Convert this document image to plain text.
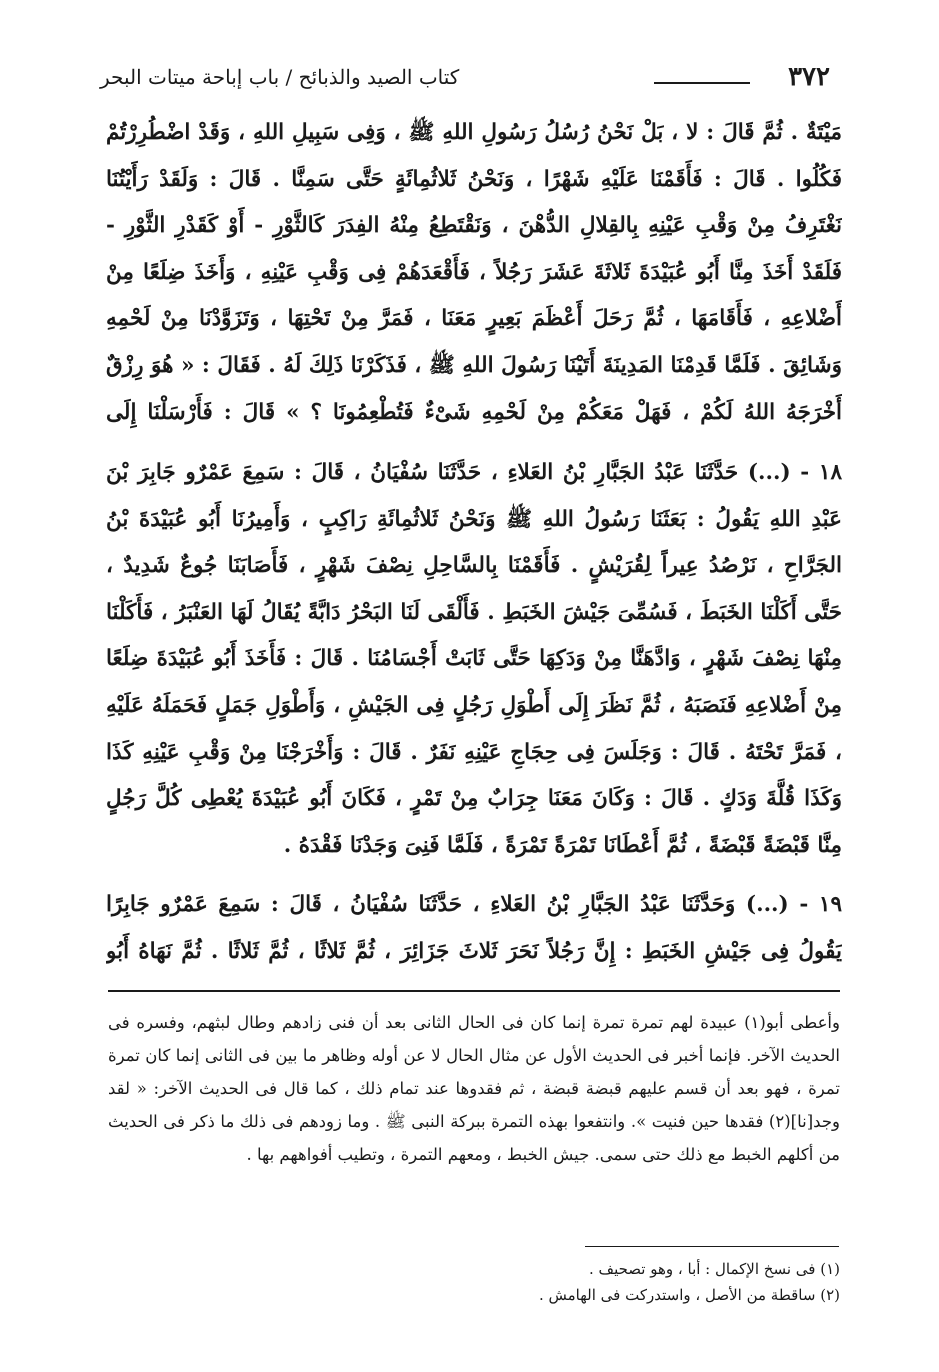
٣٧٢
كتاب الصيد والذبائح / باب إباحة ميتات البحر

مَيْتَةٌ . ثُمَّ قَالَ : لا ، بَلْ نَحْنُ رُسُلُ رَسُولِ اللهِ ﷺ ، وَفِى سَبِيلِ اللهِ ، وَقَدْ اضْطُرِرْتُمْ فَكُلُوا . قَالَ : فَأَقَمْنَا عَلَيْهِ شَهْرًا ، وَنَحْنُ ثَلاثُمِائَةٍ حَتَّى سَمِنَّا . قَالَ : وَلَقَدْ رَأَيْتُنَا نَغْتَرِفُ مِنْ وَقْبِ عَيْنِهِ بِالقِلالِ الدُّهْنَ ، وَنَقْتَطِعُ مِنْهُ الفِدَرَ كَالثَّوْرِ - أَوْ كَقَدْرِ الثَّوْرِ - فَلَقَدْ أَخَذَ مِنَّا أَبُو عُبَيْدَةَ ثَلاثَةَ عَشَرَ رَجُلاً ، فَأَقْعَدَهُمْ فِى وَقْبِ عَيْنِهِ ، وَأَخَذَ ضِلَعًا مِنْ أَضْلاعِهِ ، فَأَقَامَهَا ، ثُمَّ رَحَلَ أَعْظَمَ بَعِيرٍ مَعَنَا ، فَمَرَّ مِنْ تَحْتِهَا ، وَتَزَوَّدْنَا مِنْ لَحْمِهِ وَشَائِقَ . فَلَمَّا قَدِمْنَا المَدِينَةَ أَتَيْنَا رَسُولَ اللهِ ﷺ ، فَذَكَرْنَا ذَلِكَ لَهُ . فَقَالَ : « هُوَ رِزْقٌ أَخْرَجَهُ اللهُ لَكُمْ ، فَهَلْ مَعَكُمْ مِنْ لَحْمِهِ شَىْءٌ فَتُطْعِمُونَا ؟ » قَالَ : فَأَرْسَلْنَا إِلَى

١٨ - (...) حَدَّثَنَا عَبْدُ الجَبَّارِ بْنُ العَلاءِ ، حَدَّثَنَا سُفْيَانُ ، قَالَ : سَمِعَ عَمْرٌو جَابِرَ بْنَ عَبْدِ اللهِ يَقُولُ : بَعَثَنَا رَسُولُ اللهِ ﷺ وَنَحْنُ ثَلاثُمِائَةِ رَاكِبٍ ، وَأَمِيرُنَا أَبُو عُبَيْدَةَ بْنُ الجَرَّاحِ ، نَرْصُدُ عِيراً لِقُرَيْشٍ . فَأَقَمْنَا بِالسَّاحِلِ نِصْفَ شَهْرٍ ، فَأَصَابَنَا جُوعٌ شَدِيدٌ ، حَتَّى أَكَلْنَا الخَبَطَ ، فَسُمِّىَ جَيْشَ الخَبَطِ . فَأَلْقَى لَنَا البَحْرُ دَابَّةً يُقَالُ لَهَا العَنْبَرُ ، فَأَكَلْنَا مِنْهَا نِصْفَ شَهْرٍ ، وَادَّهَنَّا مِنْ وَدَكِهَا حَتَّى ثَابَتْ أَجْسَامُنَا . قَالَ : فَأَخَذَ أَبُو عُبَيْدَةَ ضِلَعًا مِنْ أَضْلاعِهِ فَنَصَبَهُ ، ثُمَّ نَظَرَ إِلَى أَطْوَلِ رَجُلٍ فِى الجَيْشِ ، وَأَطْوَلِ جَمَلٍ فَحَمَلَهُ عَلَيْهِ ، فَمَرَّ تَحْتَهُ . قَالَ : وَجَلَسَ فِى حِجَاجِ عَيْنِهِ نَفَرٌ . قَالَ : وَأَخْرَجْنَا مِنْ وَقْبِ عَيْنِهِ كَذَا وَكَذَا قُلَّةَ وَدَكٍ . قَالَ : وَكَانَ مَعَنَا جِرَابٌ مِنْ تَمْرٍ ، فَكَانَ أَبُو عُبَيْدَةَ يُعْطِى كُلَّ رَجُلٍ مِنَّا قَبْضَةً قَبْضَةً ، ثُمَّ أَعْطَانَا تَمْرَةً تَمْرَةً ، فَلَمَّا فَنِىَ وَجَدْنَا فَقْدَهُ .

١٩ - (...) وَحَدَّثَنَا عَبْدُ الجَبَّارِ بْنُ العَلاءِ ، حَدَّثَنَا سُفْيَانُ ، قَالَ : سَمِعَ عَمْرٌو جَابِرًا يَقُولُ فِى جَيْشِ الخَبَطِ : إِنَّ رَجُلاً نَحَرَ ثَلاثَ جَزَائِرَ ، ثُمَّ ثَلاثًا ، ثُمَّ ثَلاثًا . ثُمَّ نَهَاهُ أَبُو

وأعطى أبو(١) عبيدة لهم تمرة تمرة إنما كان فى الحال الثانى بعد أن فنى زادهم وطال لبثهم، وفسره فى الحديث الآخر. فإنما أخبر فى الحديث الأول عن مثال الحال لا عن أوله وظاهر ما بين فى الثانى إنما كان تمرة تمرة ، فهو بعد أن قسم عليهم قبضة قبضة ، ثم فقدوها عند تمام ذلك ، كما قال فى الحديث الآخر: « لقد وجد[نا](٢) فقدها حين فنيت ». وانتفعوا بهذه التمرة ببركة النبى ﷺ . وما زودهم فى ذلك ما ذكر فى الحديث من أكلهم الخبط مع ذلك حتى سمى. جيش الخبط ، ومعهم التمرة ، وتطيب أفواههم بها .

(١) فى نسخ الإكمال : أبا ، وهو تصحيف .
(٢) ساقطة من الأصل ، واستدركت فى الهامش .
